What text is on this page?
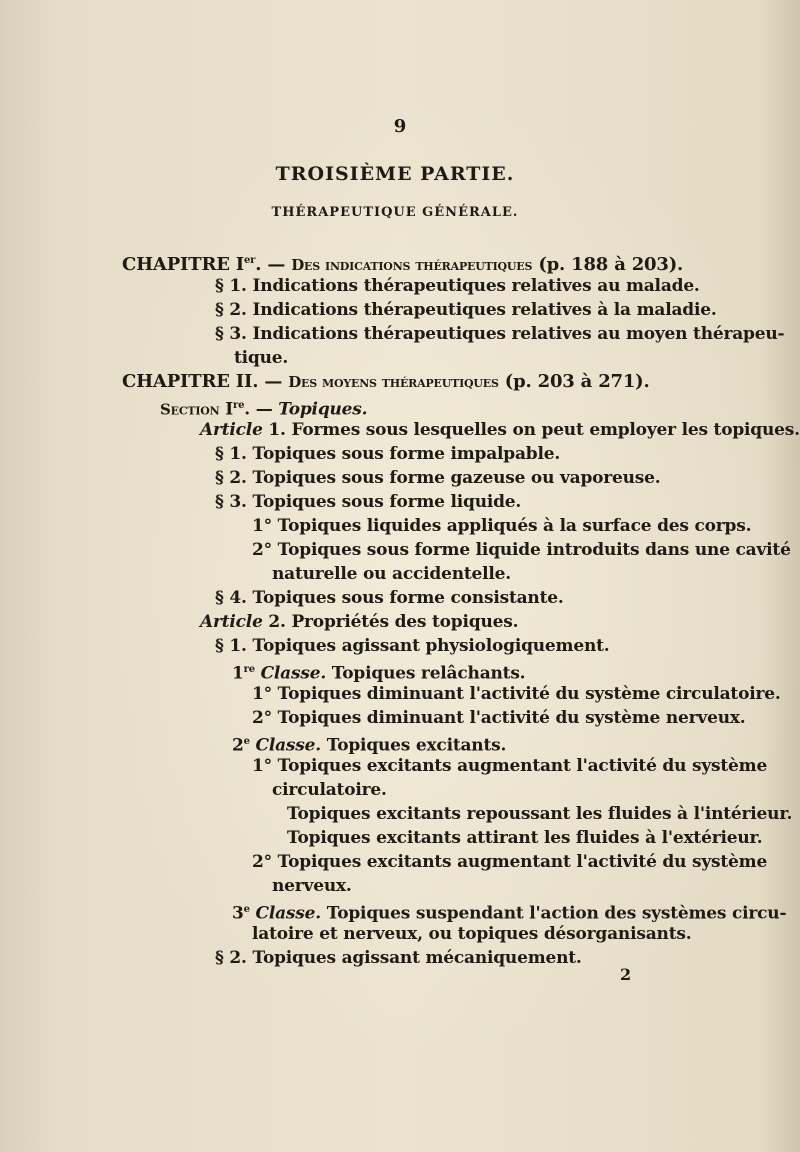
9
TROISIÈME PARTIE.
THÉRAPEUTIQUE GÉNÉRALE.
CHAPITRE Ier. — Des indications thérapeutiques (p. 188 à 203).
§ 1. Indications thérapeutiques relatives au malade.
§ 2. Indications thérapeutiques relatives à la maladie.
§ 3. Indications thérapeutiques relatives au moyen thérapeu-
tique.
CHAPITRE II. — Des moyens thérapeutiques (p. 203 à 271).
Section Ire. — Topiques.
Article 1. Formes sous lesquelles on peut employer les topiques.
§ 1. Topiques sous forme impalpable.
§ 2. Topiques sous forme gazeuse ou vaporeuse.
§ 3. Topiques sous forme liquide.
1° Topiques liquides appliqués à la surface des corps.
2° Topiques sous forme liquide introduits dans une cavité
naturelle ou accidentelle.
§ 4. Topiques sous forme consistante.
Article 2. Propriétés des topiques.
§ 1. Topiques agissant physiologiquement.
1re Classe. Topiques relâchants.
1° Topiques diminuant l'activité du système circulatoire.
2° Topiques diminuant l'activité du système nerveux.
2e Classe. Topiques excitants.
1° Topiques excitants augmentant l'activité du système
circulatoire.
Topiques excitants repoussant les fluides à l'intérieur.
Topiques excitants attirant les fluides à l'extérieur.
2° Topiques excitants augmentant l'activité du système
nerveux.
3e Classe. Topiques suspendant l'action des systèmes circu-
latoire et nerveux, ou topiques désorganisants.
§ 2. Topiques agissant mécaniquement.
2
